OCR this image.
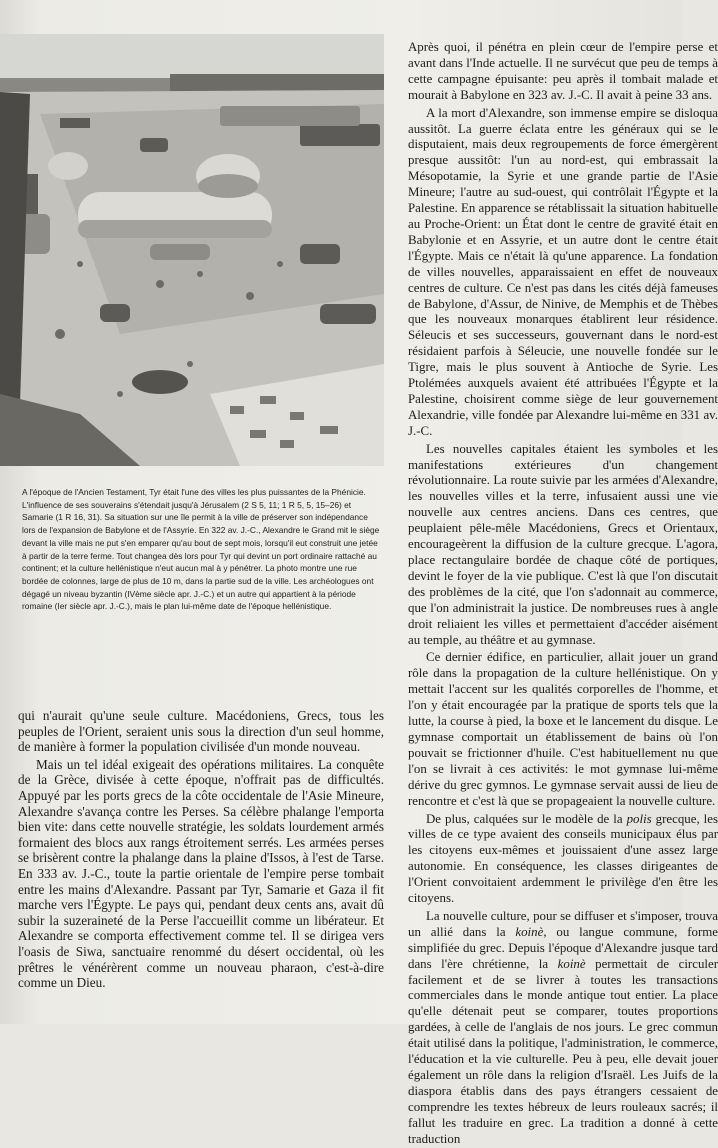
A l'époque de l'Ancien Testament, Tyr était l'une des villes les plus puissantes de la Phénicie. L'influence de ses souverains s'étendait jusqu'à Jérusalem (2 S 5, 11; 1 R 5, 5, 15–26) et Samarie (1 R 16, 31). Sa situation sur une île permit à la ville de préserver son indépendance lors de l'expansion de Babylone et de l'Assyrie. En 322 av. J.-C., Alexandre le Grand mit le siège devant la ville mais ne put s'en emparer qu'au bout de sept mois, lorsqu'il eut construit une jetée à partir de la terre ferme. Tout changea dès lors pour Tyr qui devint un port ordinaire rattaché au continent; et la culture hellénistique n'eut aucun mal à y pénétrer. La photo montre une rue bordée de colonnes, large de plus de 10 m, dans la partie sud de la ville. Les archéologues ont dégagé un niveau byzantin (IVème siècle apr. J.-C.) et un autre qui appartient à la période romaine (Ier siècle apr. J.-C.), mais le plan lui-même date de l'époque hellénistique.

qui n'aurait qu'une seule culture. Macédoniens, Grecs, tous les peuples de l'Orient, seraient unis sous la direction d'un seul homme, de manière à former la population civilisée d'un monde nouveau.

Mais un tel idéal exigeait des opérations militaires. La conquête de la Grèce, divisée à cette époque, n'offrait pas de difficultés. Appuyé par les ports grecs de la côte occidentale de l'Asie Mineure, Alexandre s'avança contre les Perses. Sa célèbre phalange l'emporta bien vite: dans cette nouvelle stratégie, les soldats lourdement armés formaient des blocs aux rangs étroitement serrés. Les armées perses se brisèrent contre la phalange dans la plaine d'Issos, à l'est de Tarse. En 333 av. J.-C., toute la partie orientale de l'empire perse tombait entre les mains d'Alexandre. Passant par Tyr, Samarie et Gaza il fit marche vers l'Égypte. Le pays qui, pendant deux cents ans, avait dû subir la suzeraineté de la Perse l'accueillit comme un libérateur. Et Alexandre se comporta effectivement comme tel. Il se dirigea vers l'oasis de Siwa, sanctuaire renommé du désert occidental, où les prêtres le vénérèrent comme un nouveau pharaon, c'est-à-dire comme un Dieu.

Après quoi, il pénétra en plein cœur de l'empire perse et avant dans l'Inde actuelle. Il ne survécut que peu de temps à cette campagne épuisante: peu après il tombait malade et mourait à Babylone en 323 av. J.-C. Il avait à peine 33 ans.

A la mort d'Alexandre, son immense empire se disloqua aussitôt. La guerre éclata entre les généraux qui se le disputaient, mais deux regroupements de force émergèrent presque aussitôt: l'un au nord-est, qui embrassait la Mésopotamie, la Syrie et une grande partie de l'Asie Mineure; l'autre au sud-ouest, qui contrôlait l'Égypte et la Palestine. En apparence se rétablissait la situation habituelle au Proche-Orient: un État dont le centre de gravité était en Babylonie et en Assyrie, et un autre dont le centre était l'Égypte. Mais ce n'était là qu'une apparence. La fondation de villes nouvelles, apparaissaient en effet de nouveaux centres de culture. Ce n'est pas dans les cités déjà fameuses de Babylone, d'Assur, de Ninive, de Memphis et de Thèbes que les nouveaux monarques établirent leur résidence. Séleucis et ses successeurs, gouvernant dans le nord-est résidaient parfois à Séleucie, une nouvelle fondée sur le Tigre, mais le plus souvent à Antioche de Syrie. Les Ptolémées auxquels avaient été attribuées l'Égypte et la Palestine, choisirent comme siège de leur gouvernement Alexandrie, ville fondée par Alexandre lui-même en 331 av. J.-C.

Les nouvelles capitales étaient les symboles et les manifestations extérieures d'un changement révolutionnaire. La route suivie par les armées d'Alexandre, les nouvelles villes et la terre, infusaient aussi une vie nouvelle aux centres anciens. Dans ces centres, que peuplaient pêle-mêle Macédoniens, Grecs et Orientaux, encourageèrent la diffusion de la culture grecque. L'agora, place rectangulaire bordée de chaque côté de portiques, devint le foyer de la vie publique. C'est là que l'on discutait des problèmes de la cité, que l'on s'adonnait au commerce, que l'on administrait la justice. De nombreuses rues à angle droit reliaient les villes et permettaient d'accéder aisément au temple, au théâtre et au gymnase.

Ce dernier édifice, en particulier, allait jouer un grand rôle dans la propagation de la culture hellénistique. On y mettait l'accent sur les qualités corporelles de l'homme, et l'on y était encouragée par la pratique de sports tels que la lutte, la course à pied, la boxe et le lancement du disque. Le gymnase comportait un établissement de bains où l'on pouvait se frictionner d'huile. C'est habituellement nu que l'on se livrait à ces activités: le mot gymnase lui-même dérive du grec gymnos. Le gymnase servait aussi de lieu de rencontre et c'est là que se propageaient la nouvelle culture.

De plus, calquées sur le modèle de la polis grecque, les villes de ce type avaient des conseils municipaux élus par les citoyens eux-mêmes et jouissaient d'une assez large autonomie. En conséquence, les classes dirigeantes de l'Orient convoitaient ardemment le privilège d'en être les citoyens.

La nouvelle culture, pour se diffuser et s'imposer, trouva un allié dans la koinè, ou langue commune, forme simplifiée du grec. Depuis l'époque d'Alexandre jusque tard dans l'ère chrétienne, la koinè permettait de circuler facilement et de se livrer à toutes les transactions commerciales dans le monde antique tout entier. La place qu'elle détenait peut se comparer, toutes proportions gardées, à celle de l'anglais de nos jours. Le grec commun était utilisé dans la politique, l'administration, le commerce, l'éducation et la vie culturelle. Peu à peu, elle devait jouer également un rôle dans la religion d'Israël. Les Juifs de la diaspora établis dans des pays étrangers cessaient de comprendre les textes hébreux de leurs rouleaux sacrés; il fallut les traduire en grec. La tradition a donné à cette traduction
